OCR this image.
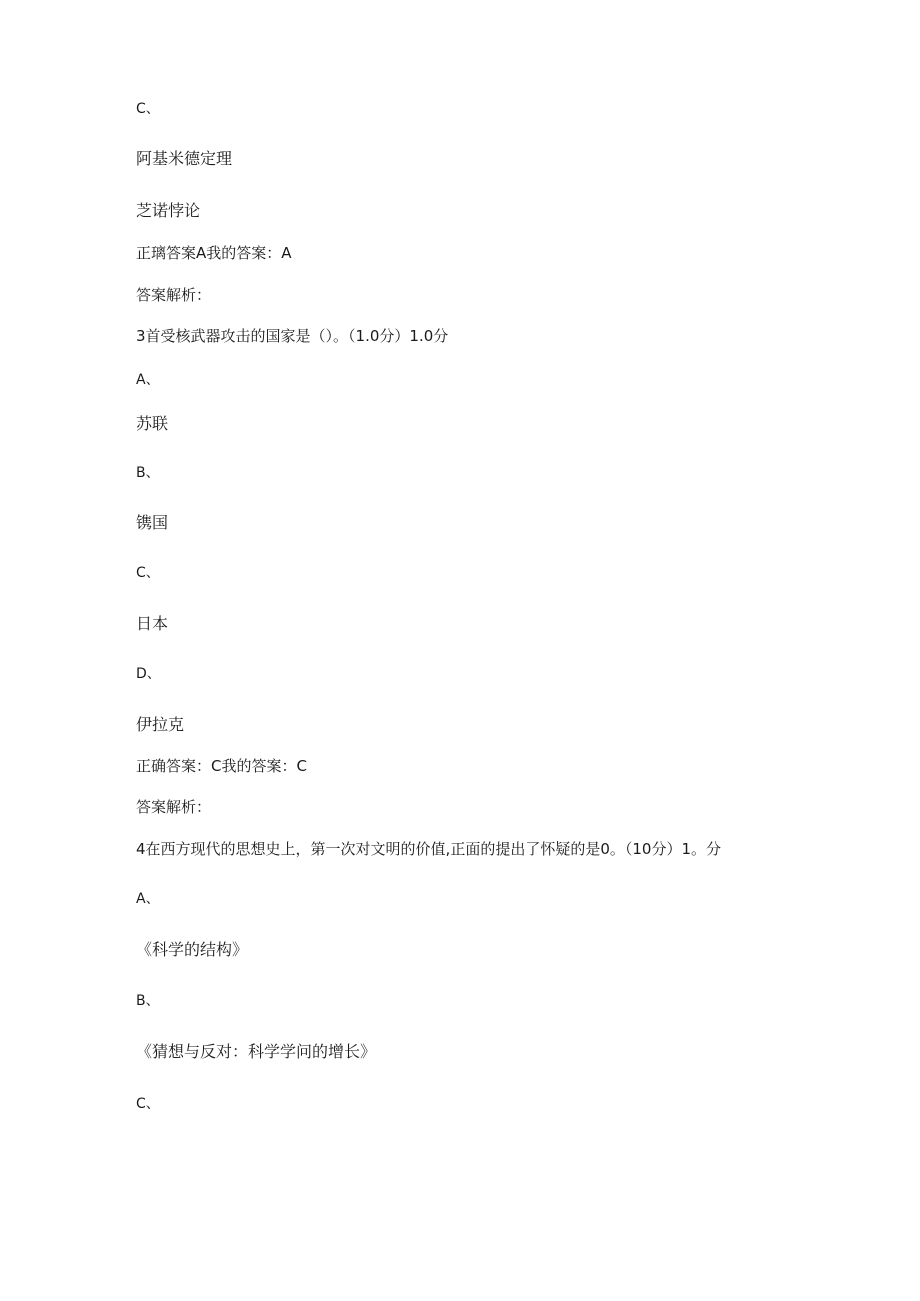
C、
阿基米德定理
芝诺悖论
正璃答案A我的答案：A
答案解析：
3首受核武器攻击的国家是（）。（1.0分）1.0分
A、
苏联
B、
镌国
C、
日本
D、
伊拉克
正确答案：C我的答案：C
答案解析：
4在西方现代的思想史上，第一次对文明的价值,正面的提出了怀疑的是0。（10分）1。分
A、
《科学的结构》
B、
《猜想与反对：科学学问的增长》
C、
